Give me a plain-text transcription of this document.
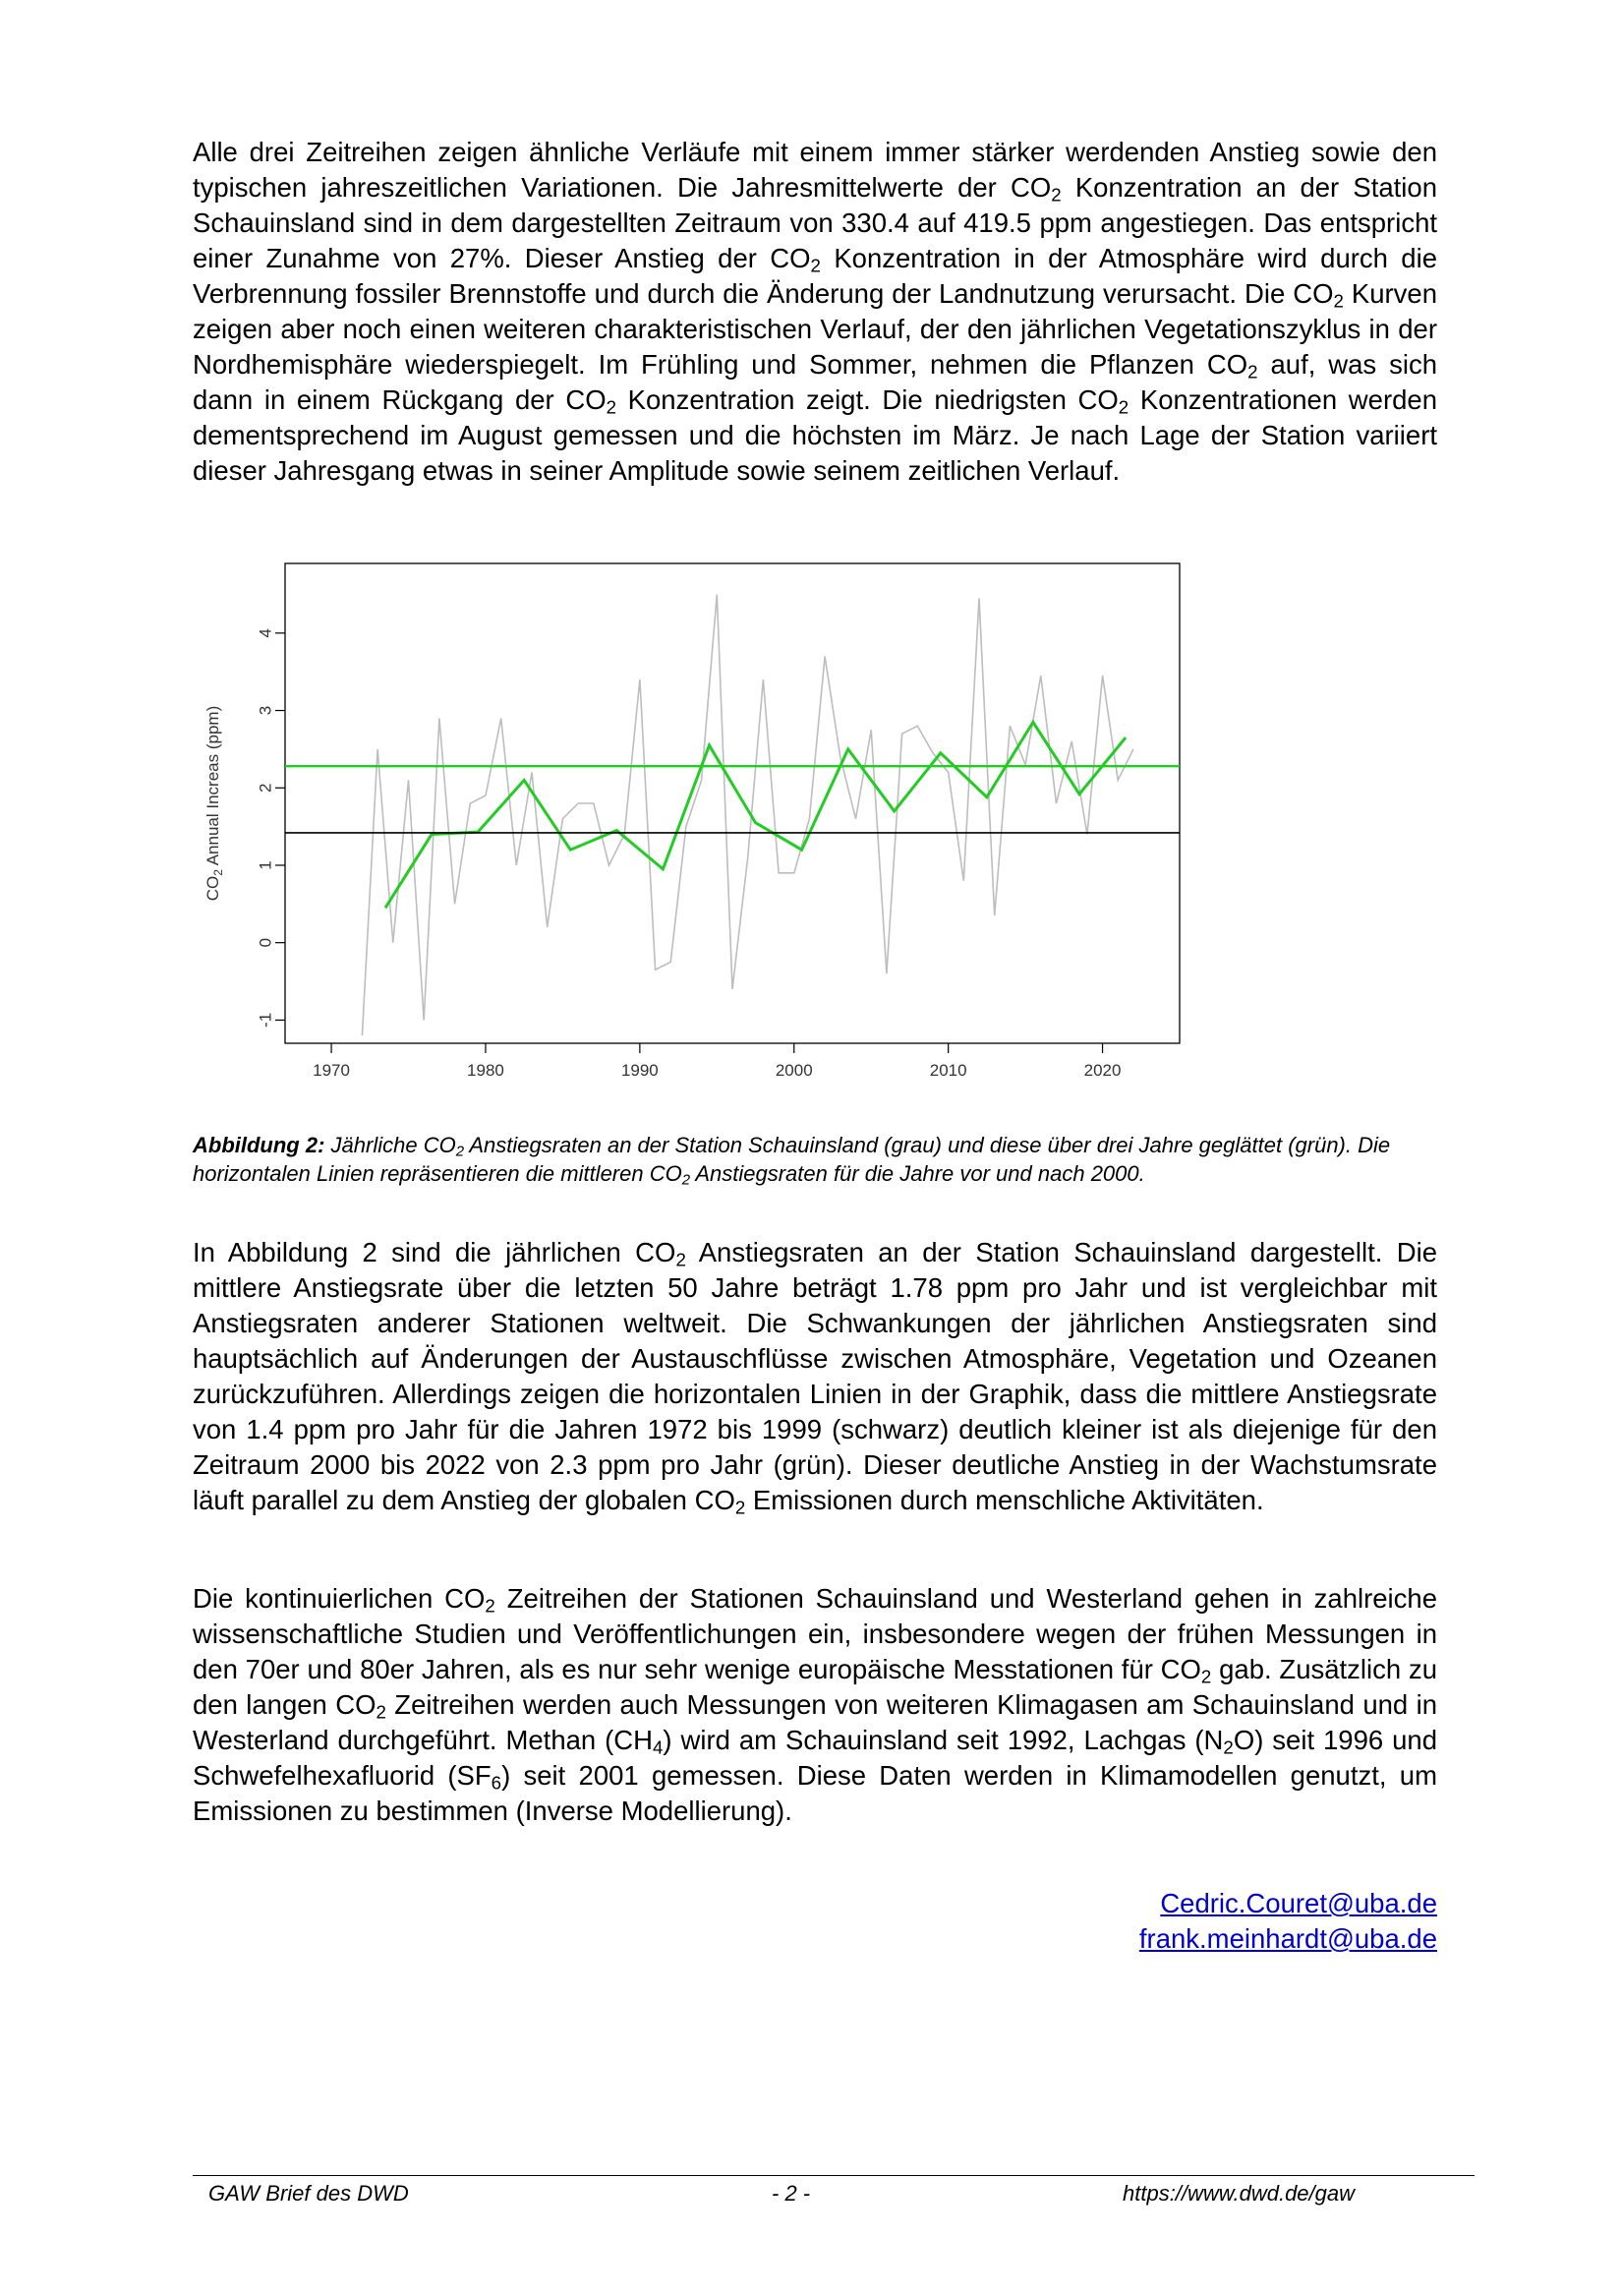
Alle drei Zeitreihen zeigen ähnliche Verläufe mit einem immer stärker werdenden Anstieg sowie den typischen jahreszeitlichen Variationen. Die Jahresmittelwerte der $CO_2$ Konzentration an der Station Schauinsland sind in dem dargestellten Zeitraum von 330.4 auf 419.5 ppm angestiegen. Das entspricht einer Zunahme von 27%. Dieser Anstieg der $CO_2$ Konzentration in der Atmosphäre wird durch die Verbrennung fossiler Brennstoffe und durch die Änderung der Landnutzung verursacht. Die $CO_2$ Kurven zeigen aber noch einen weiteren charakteristischen Verlauf, der den jährlichen Vegetationszyklus in der Nordhemisphäre wiederspiegelt. Im Frühling und Sommer, nehmen die Pflanzen $CO_2$ auf, was sich dann in einem Rückgang der $CO_2$ Konzentration zeigt. Die niedrigsten $CO_2$ Konzentrationen werden dementsprechend im August gemessen und die höchsten im März. Je nach Lage der Station variiert dieser Jahresgang etwas in seiner Amplitude sowie seinem zeitlichen Verlauf.

1970	1980	1990	2000	2010	2020
-1
0
1
2
3
4
$CO_2$ Annual Increas (ppm)

Abbildung 2: Jährliche $CO_2$ Anstiegsraten an der Station Schauinsland (grau) und diese über drei Jahre geglättet (grün). Die horizontalen Linien repräsentieren die mittleren $CO_2$ Anstiegsraten für die Jahre vor und nach 2000.

In Abbildung 2 sind die jährlichen $CO_2$ Anstiegsraten an der Station Schauinsland dargestellt. Die mittlere Anstiegsrate über die letzten 50 Jahre beträgt 1.78 ppm pro Jahr und ist vergleichbar mit Anstiegsraten anderer Stationen weltweit. Die Schwankungen der jährlichen Anstiegsraten sind hauptsächlich auf Änderungen der Austauschflüsse zwischen Atmosphäre, Vegetation und Ozeanen zurückzuführen. Allerdings zeigen die horizontalen Linien in der Graphik, dass die mittlere Anstiegsrate von 1.4 ppm pro Jahr für die Jahren 1972 bis 1999 (schwarz) deutlich kleiner ist als diejenige für den Zeitraum 2000 bis 2022 von 2.3 ppm pro Jahr (grün). Dieser deutliche Anstieg in der Wachstumsrate läuft parallel zu dem Anstieg der globalen $CO_2$ Emissionen durch menschliche Aktivitäten.

Die kontinuierlichen $CO_2$ Zeitreihen der Stationen Schauinsland und Westerland gehen in zahlreiche wissenschaftliche Studien und Veröffentlichungen ein, insbesondere wegen der frühen Messungen in den 70er und 80er Jahren, als es nur sehr wenige europäische Messtationen für $CO_2$ gab. Zusätzlich zu den langen $CO_2$ Zeitreihen werden auch Messungen von weiteren Klimagasen am Schauinsland und in Westerland durchgeführt. Methan $(CH_4)$ wird am Schauinsland seit 1992, Lachgas $(N_2O)$ seit 1996 und Schwefelhexafluorid $(SF_6)$ seit 2001 gemessen. Diese Daten werden in Klimamodellen genutzt, um Emissionen zu bestimmen (Inverse Modellierung).

Cedric.Couret@uba.de
frank.meinhardt@uba.de
GAW Brief des DWD	- 2 -	https://www.dwd.de/gaw
